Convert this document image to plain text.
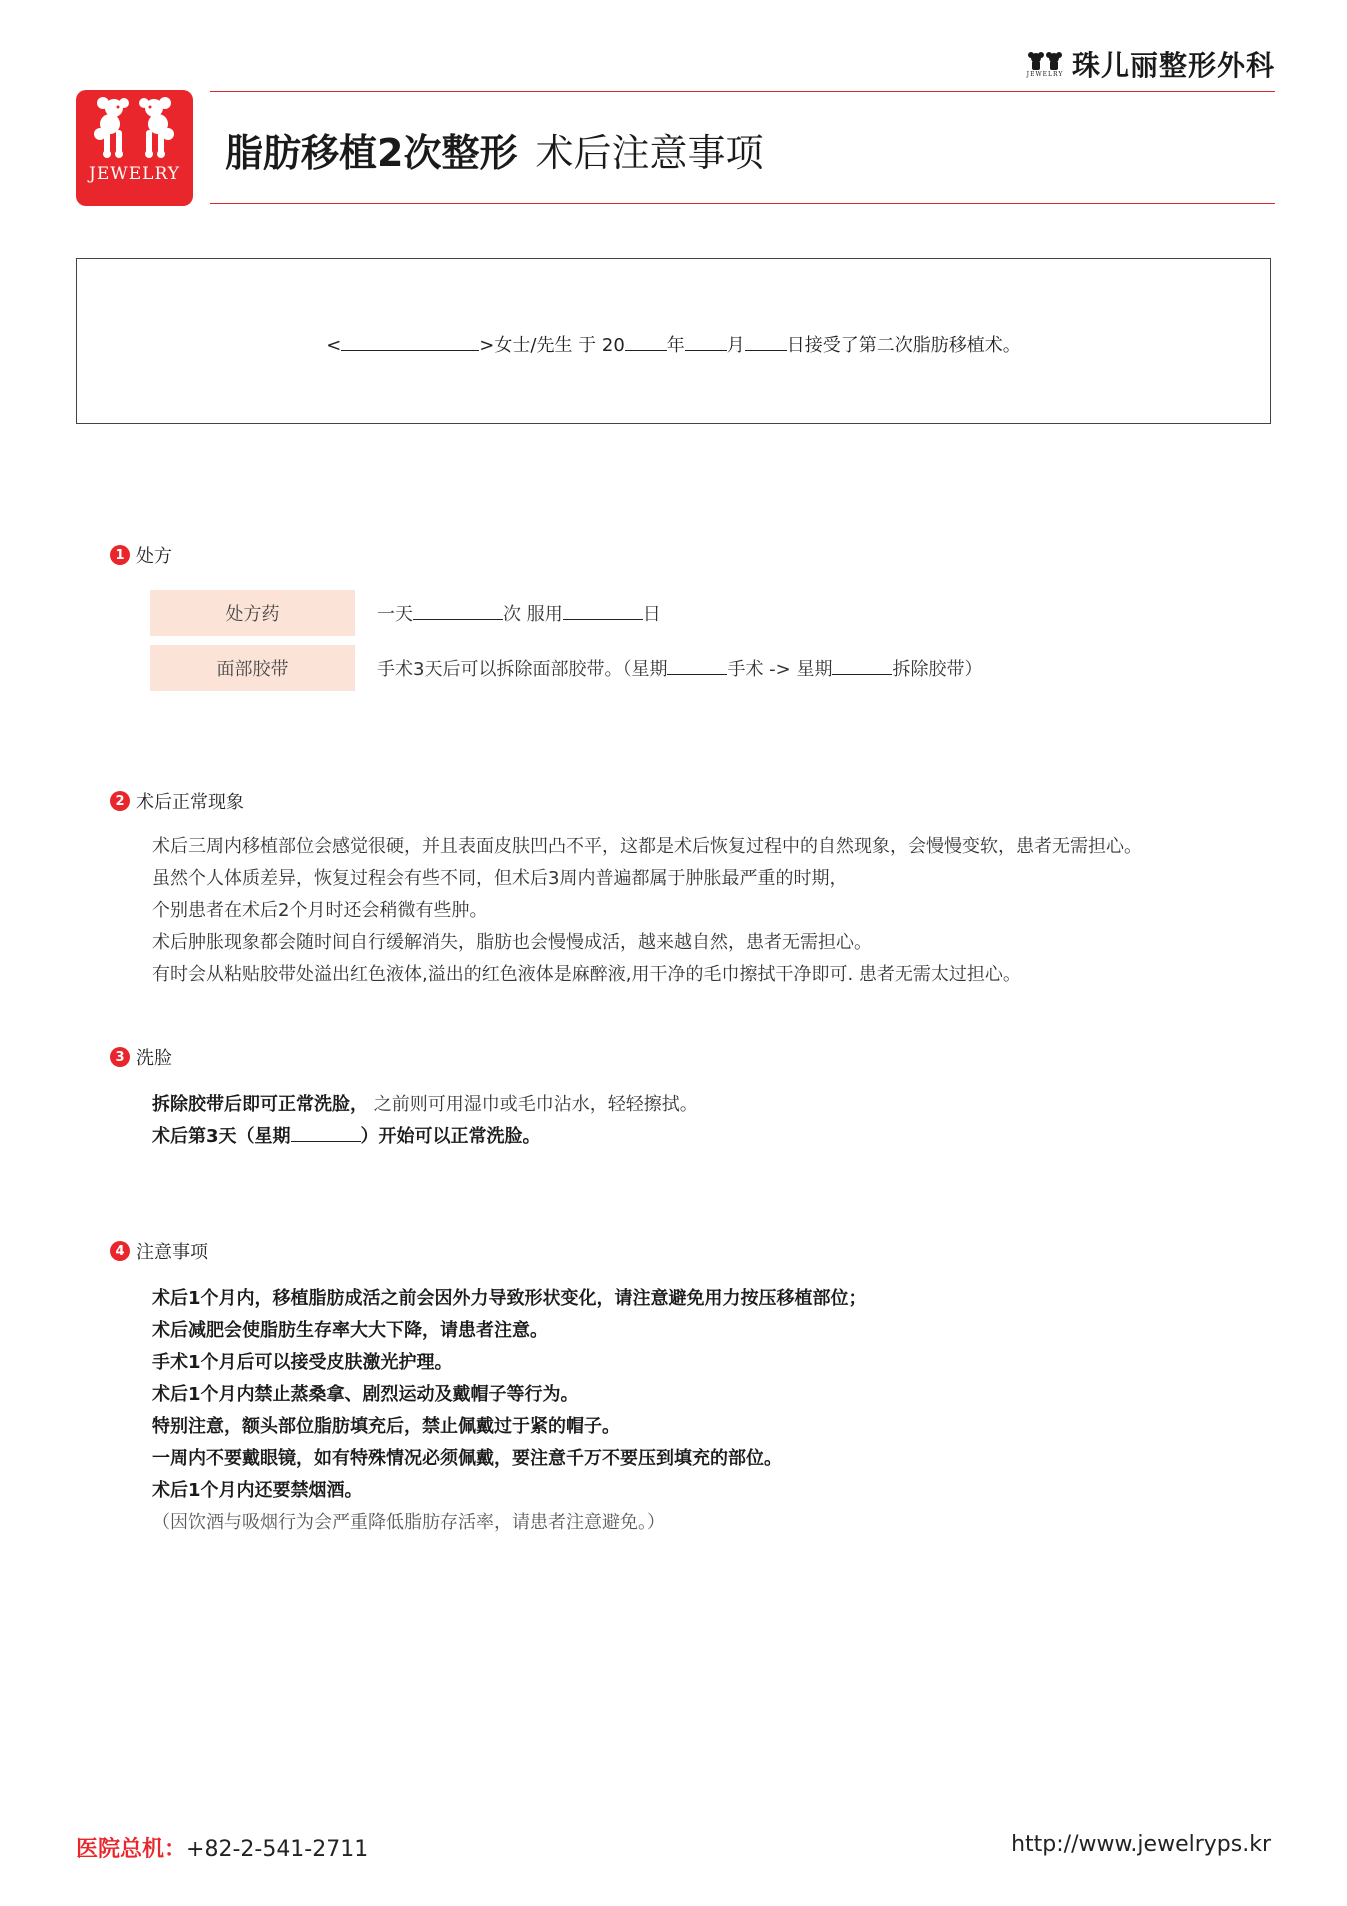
JEWELRY 珠儿丽整形外科
JEWELRY 脂肪移植2次整形 术后注意事项
<	>女士/先生 于 20 年 月 日接受了第二次脂肪移植术。
1 处方
处方药	一天	次 服用	日
面部胶带	手术3天后可以拆除面部胶带。（星期	手术 -> 星期	拆除胶带）
2 术后正常现象
术后三周内移植部位会感觉很硬，并且表面皮肤凹凸不平，这都是术后恢复过程中的自然现象，会慢慢变软，患者无需担心。
虽然个人体质差异，恢复过程会有些不同，但术后3周内普遍都属于肿胀最严重的时期，
个别患者在术后2个月时还会稍微有些肿。
术后肿胀现象都会随时间自行缓解消失，脂肪也会慢慢成活，越来越自然，患者无需担心。
有时会从粘贴胶带处溢出红色液体,溢出的红色液体是麻醉液,用干净的毛巾擦拭干净即可. 患者无需太过担心。
3 洗脸
拆除胶带后即可正常洗脸， 之前则可用湿巾或毛巾沾水，轻轻擦拭。
术后第3天（星期	）开始可以正常洗脸。
4 注意事项
术后1个月内，移植脂肪成活之前会因外力导致形状变化，请注意避免用力按压移植部位；
术后减肥会使脂肪生存率大大下降，请患者注意。
手术1个月后可以接受皮肤激光护理。
术后1个月内禁止蒸桑拿、剧烈运动及戴帽子等行为。
特别注意，额头部位脂肪填充后，禁止佩戴过于紧的帽子。
一周内不要戴眼镜，如有特殊情况必须佩戴，要注意千万不要压到填充的部位。
术后1个月内还要禁烟酒。
（因饮酒与吸烟行为会严重降低脂肪存活率，请患者注意避免。）
医院总机：+82-2-541-2711	http://www.jewelryps.kr
